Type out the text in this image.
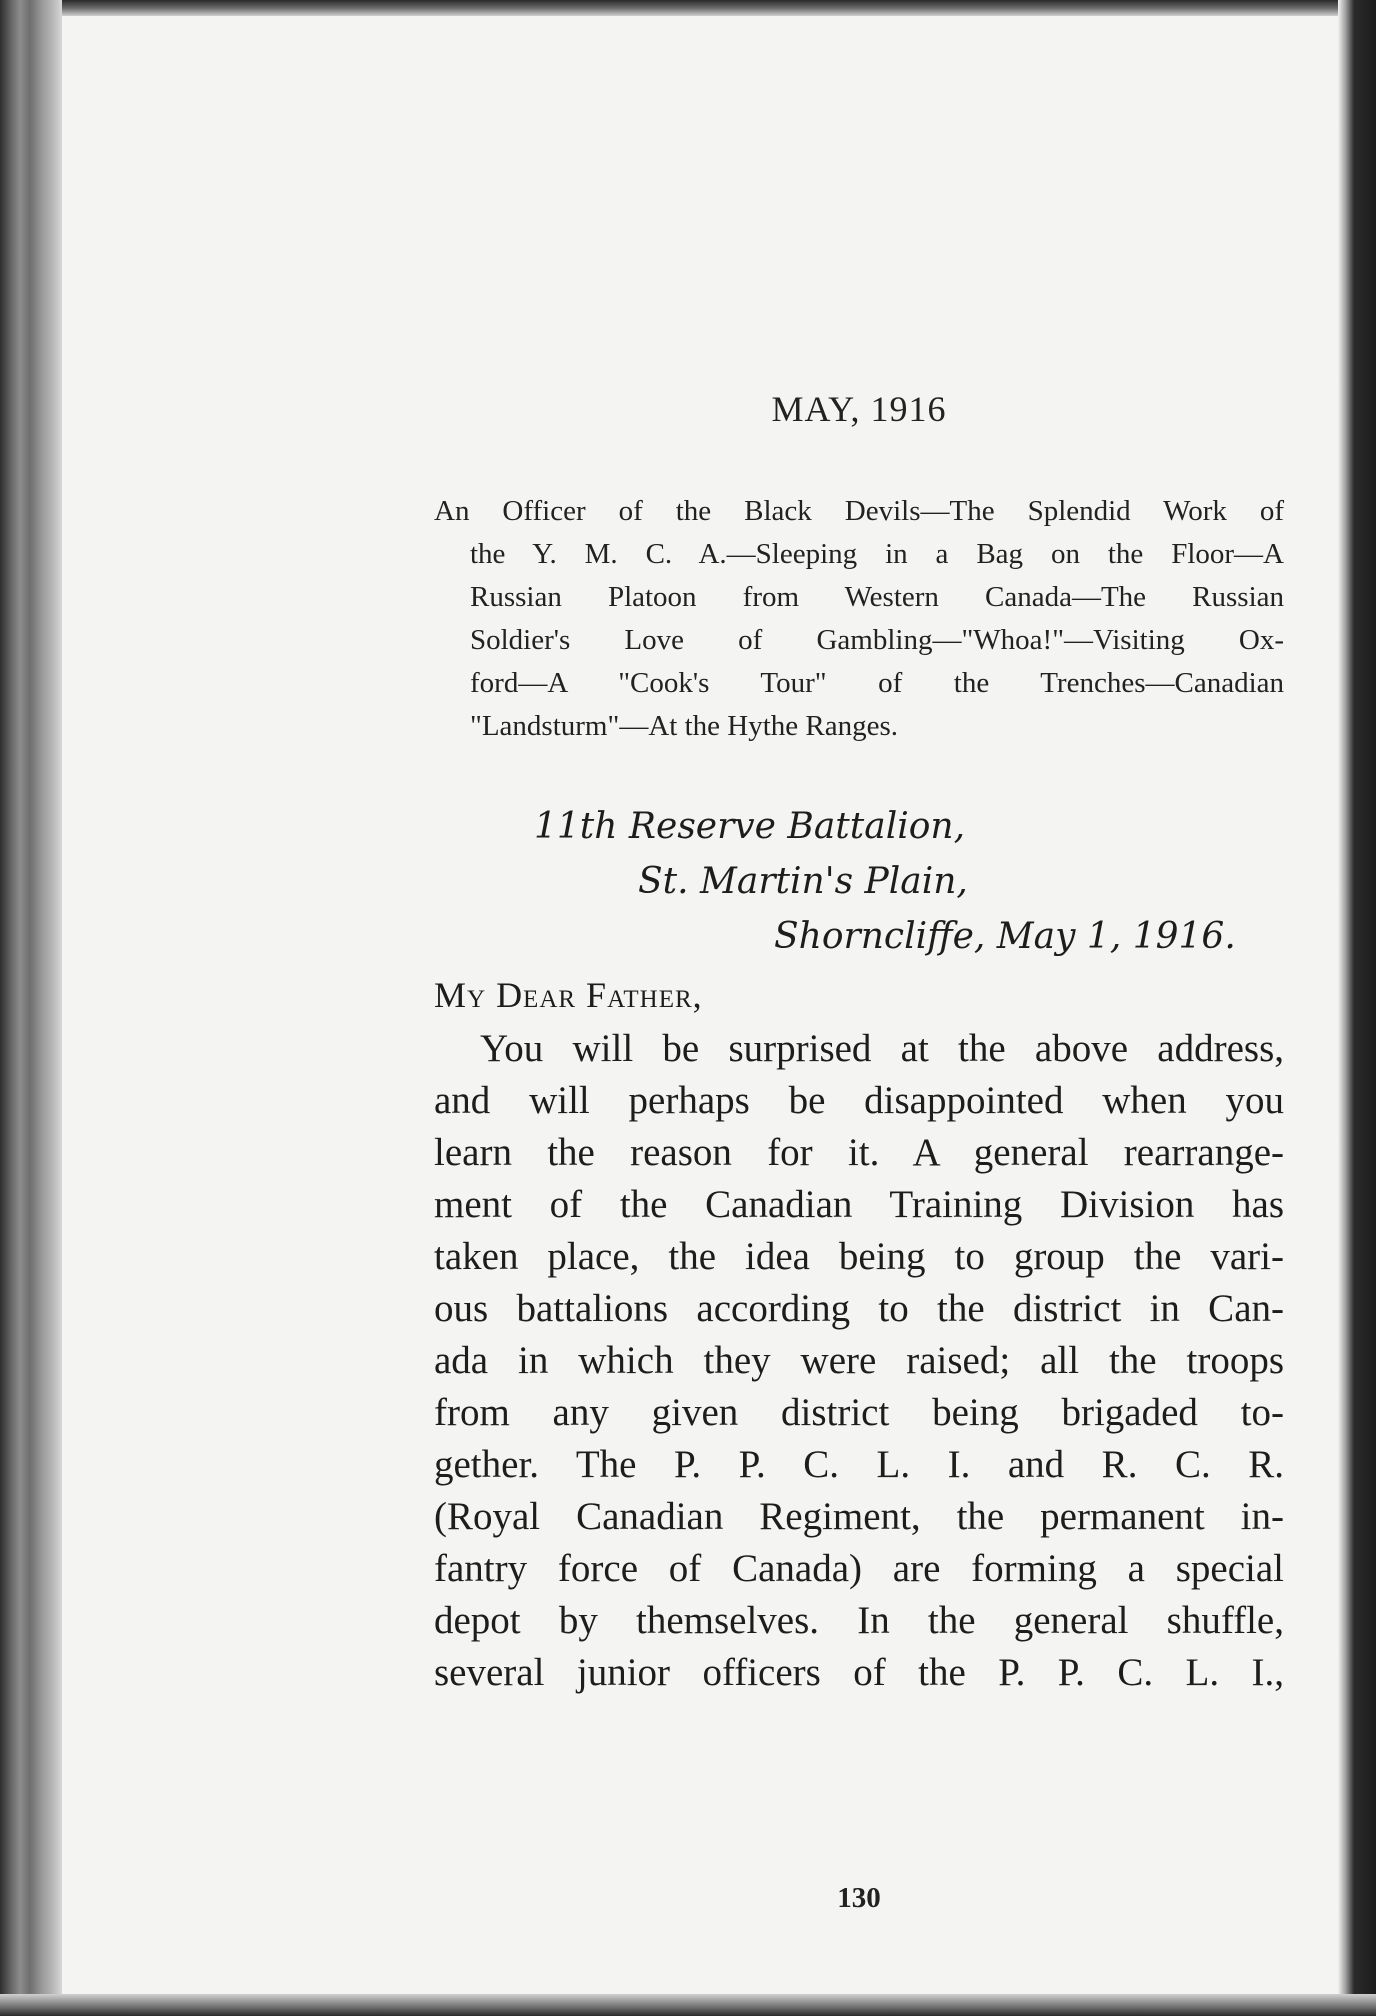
MAY, 1916
An Officer of the Black Devils—The Splendid Work of
the Y. M. C. A.—Sleeping in a Bag on the Floor—A
Russian Platoon from Western Canada—The Russian
Soldier's Love of Gambling—"Whoa!"—Visiting Ox-
ford—A "Cook's Tour" of the Trenches—Canadian
"Landsturm"—At the Hythe Ranges.
11th Reserve Battalion,
St. Martin's Plain,
Shorncliffe, May 1, 1916.
My Dear Father,
You will be surprised at the above address,
and will perhaps be disappointed when you
learn the reason for it. A general rearrange-
ment of the Canadian Training Division has
taken place, the idea being to group the vari-
ous battalions according to the district in Can-
ada in which they were raised; all the troops
from any given district being brigaded to-
gether. The P. P. C. L. I. and R. C. R.
(Royal Canadian Regiment, the permanent in-
fantry force of Canada) are forming a special
depot by themselves. In the general shuffle,
several junior officers of the P. P. C. L. I.,
130
